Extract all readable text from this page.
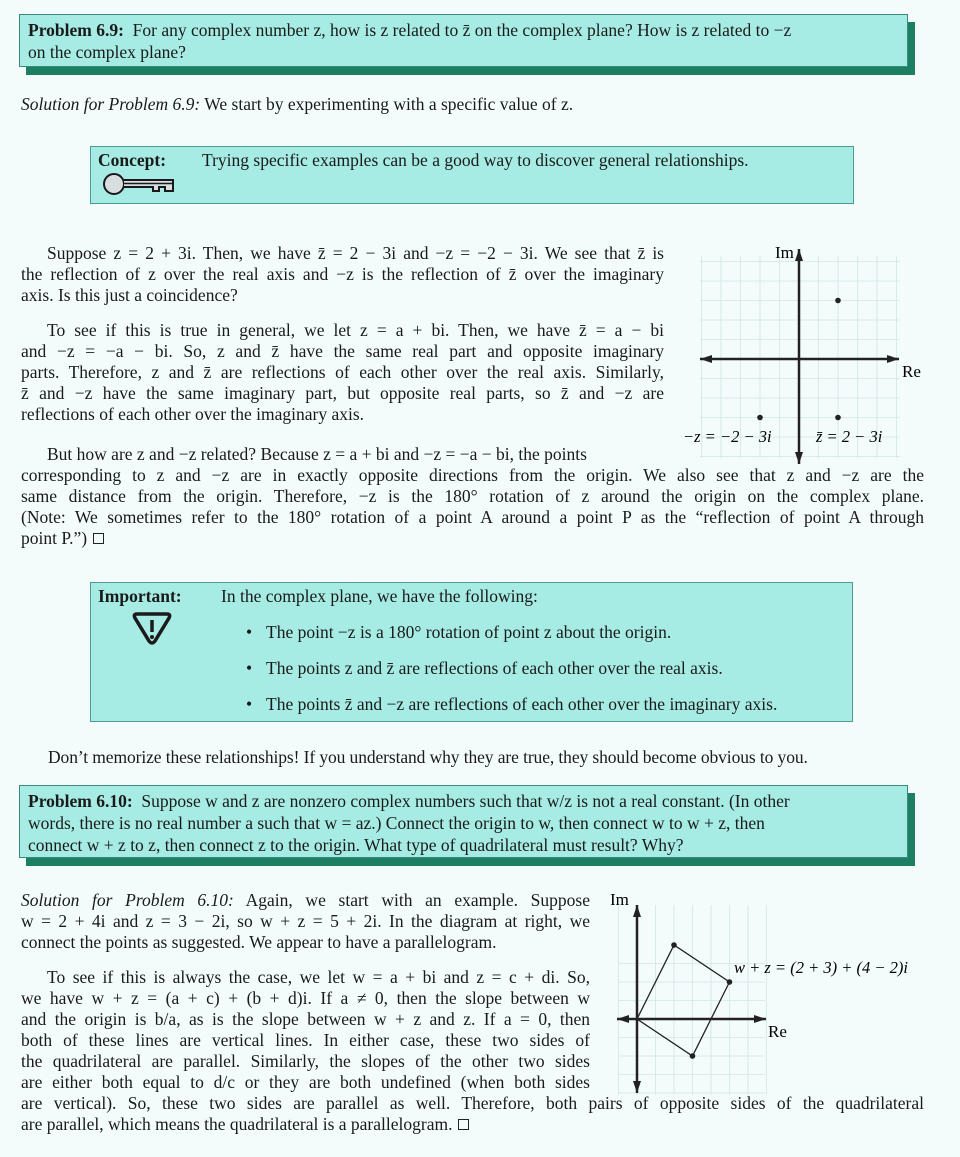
Problem 6.9: For any complex number z, how is z related to z̄ on the complex plane? How is z related to −z
on the complex plane?
Solution for Problem 6.9: We start by experimenting with a specific value of z.
Concept: Trying specific examples can be a good way to discover general relationships.
Suppose z = 2 + 3i. Then, we have z̄ = 2 − 3i and −z = −2 − 3i. We see that z̄ is
the reflection of z over the real axis and −z is the reflection of z̄ over the imaginary
axis. Is this just a coincidence?
To see if this is true in general, we let z = a + bi. Then, we have z̄ = a − bi
and −z = −a − bi. So, z and z̄ have the same real part and opposite imaginary
parts. Therefore, z and z̄ are reflections of each other over the real axis. Similarly,
z̄ and −z have the same imaginary part, but opposite real parts, so z̄ and −z are
reflections of each other over the imaginary axis.
Im
Re
−z = −2 − 3i	z̄ = 2 − 3i
But how are z and −z related? Because z = a + bi and −z = −a − bi, the points
corresponding to z and −z are in exactly opposite directions from the origin. We also see that z and −z are the
same distance from the origin. Therefore, −z is the 180° rotation of z around the origin on the complex plane.
(Note: We sometimes refer to the 180° rotation of a point A around a point P as the “reflection of point A through
point P.”)
Important: In the complex plane, we have the following:
• The point −z is a 180° rotation of point z about the origin.
• The points z and z̄ are reflections of each other over the real axis.
• The points z̄ and −z are reflections of each other over the imaginary axis.
Don’t memorize these relationships! If you understand why they are true, they should become obvious to you.
Problem 6.10: Suppose w and z are nonzero complex numbers such that w/z is not a real constant. (In other
words, there is no real number a such that w = az.) Connect the origin to w, then connect w to w + z, then
connect w + z to z, then connect z to the origin. What type of quadrilateral must result? Why?
Solution for Problem 6.10: Again, we start with an example. Suppose
w = 2 + 4i and z = 3 − 2i, so w + z = 5 + 2i. In the diagram at right, we
connect the points as suggested. We appear to have a parallelogram.
To see if this is always the case, we let w = a + bi and z = c + di. So,
we have w + z = (a + c) + (b + d)i. If a ≠ 0, then the slope between w
and the origin is b/a, as is the slope between w + z and z. If a = 0, then
both of these lines are vertical lines. In either case, these two sides of
the quadrilateral are parallel. Similarly, the slopes of the other two sides
are either both equal to d/c or they are both undefined (when both sides
are vertical). So, these two sides are parallel as well. Therefore, both pairs of opposite sides of the quadrilateral
are parallel, which means the quadrilateral is a parallelogram.
Im
Re
w + z = (2 + 3) + (4 − 2)i
